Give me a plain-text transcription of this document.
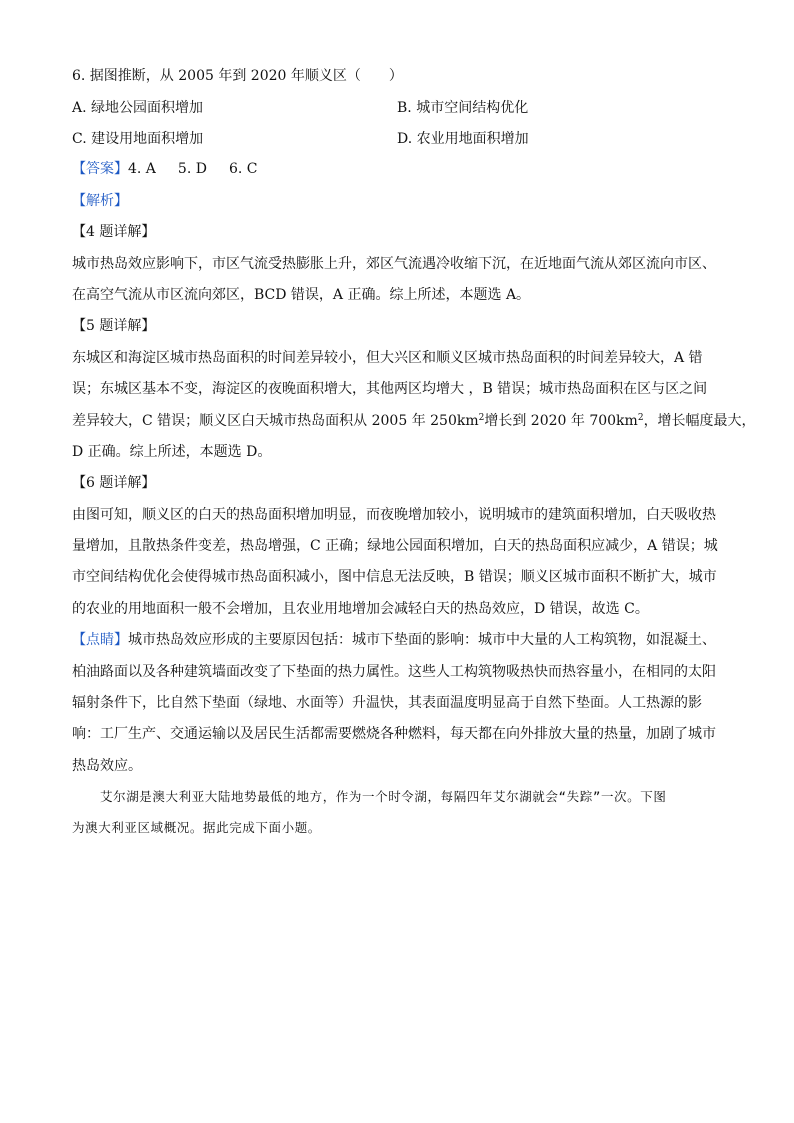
6. 据图推断，从 2005 年到 2020 年顺义区（　　）
A. 绿地公园面积增加	B. 城市空间结构优化
C. 建设用地面积增加	D. 农业用地面积增加
【答案】4. A 5. D 6. C
【解析】
【4 题详解】
城市热岛效应影响下，市区气流受热膨胀上升，郊区气流遇冷收缩下沉，在近地面气流从郊区流向市区、
在高空气流从市区流向郊区，BCD 错误，A 正确。综上所述，本题选 A。
【5 题详解】
东城区和海淀区城市热岛面积的时间差异较小，但大兴区和顺义区城市热岛面积的时间差异较大，A 错
误；东城区基本不变，海淀区的夜晚面积增大，其他两区均增大 ，B 错误；城市热岛面积在区与区之间
差异较大，C 错误；顺义区白天城市热岛面积从 2005 年 $250km^2$增长到 2020 年 $700km^2$，增长幅度最大，
D 正确。综上所述，本题选 D。
【6 题详解】
由图可知，顺义区的白天的热岛面积增加明显，而夜晚增加较小，说明城市的建筑面积增加，白天吸收热
量增加，且散热条件变差，热岛增强，C 正确；绿地公园面积增加，白天的热岛面积应减少，A 错误；城
市空间结构优化会使得城市热岛面积减小，图中信息无法反映，B 错误；顺义区城市面积不断扩大，城市
的农业的用地面积一般不会增加，且农业用地增加会减轻白天的热岛效应，D 错误，故选 C。
【点睛】城市热岛效应形成的主要原因包括：城市下垫面的影响：城市中大量的人工构筑物，如混凝土、
柏油路面以及各种建筑墙面改变了下垫面的热力属性。这些人工构筑物吸热快而热容量小，在相同的太阳
辐射条件下，比自然下垫面（绿地、水面等）升温快，其表面温度明显高于自然下垫面。人工热源的影
响：工厂生产、交通运输以及居民生活都需要燃烧各种燃料，每天都在向外排放大量的热量，加剧了城市
热岛效应。
艾尔湖是澳大利亚大陆地势最低的地方，作为一个时令湖，每隔四年艾尔湖就会“失踪”一次。下图
为澳大利亚区域概况。据此完成下面小题。
